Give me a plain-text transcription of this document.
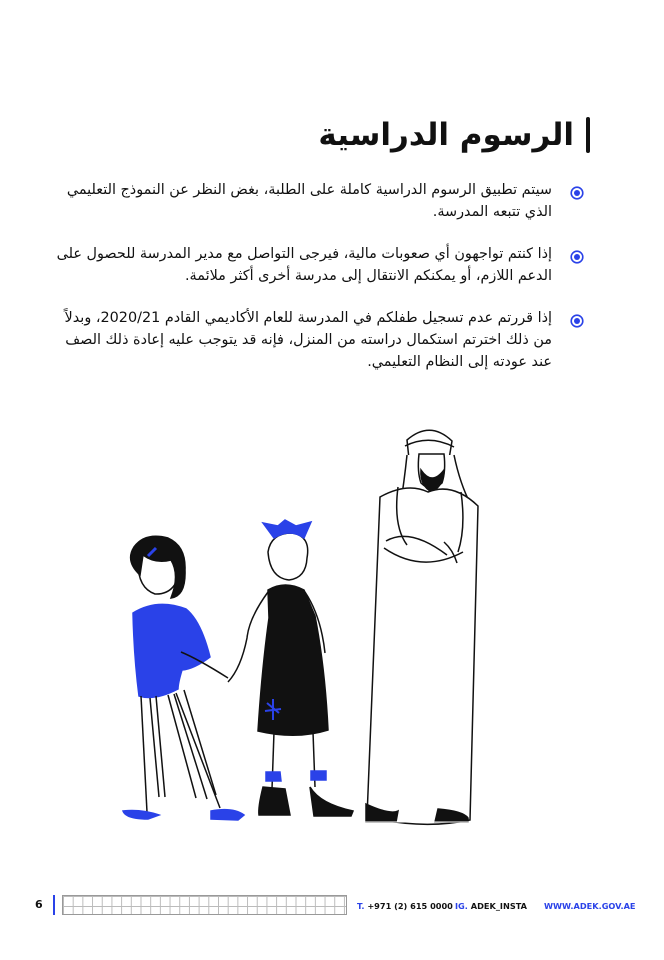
الرسوم الدراسية
سيتم تطبيق الرسوم الدراسية كاملة على الطلبة، بغض النظر عن النموذج التعليمي الذي تتبعه المدرسة.
إذا كنتم تواجهون أي صعوبات مالية، فيرجى التواصل مع مدير المدرسة للحصول على الدعم اللازم، أو يمكنكم الانتقال إلى مدرسة أخرى أكثر ملائمة.
إذا قررتم عدم تسجيل طفلكم في المدرسة للعام الأكاديمي القادم 2020/21، وبدلاً من ذلك اخترتم استكمال دراسته من المنزل، فإنه قد يتوجب عليه إعادة ذلك الصف عند عودته إلى النظام التعليمي.
6	T. +971 (2) 615 0000 IG. ADEK_INSTA WWW.ADEK.GOV.AE
